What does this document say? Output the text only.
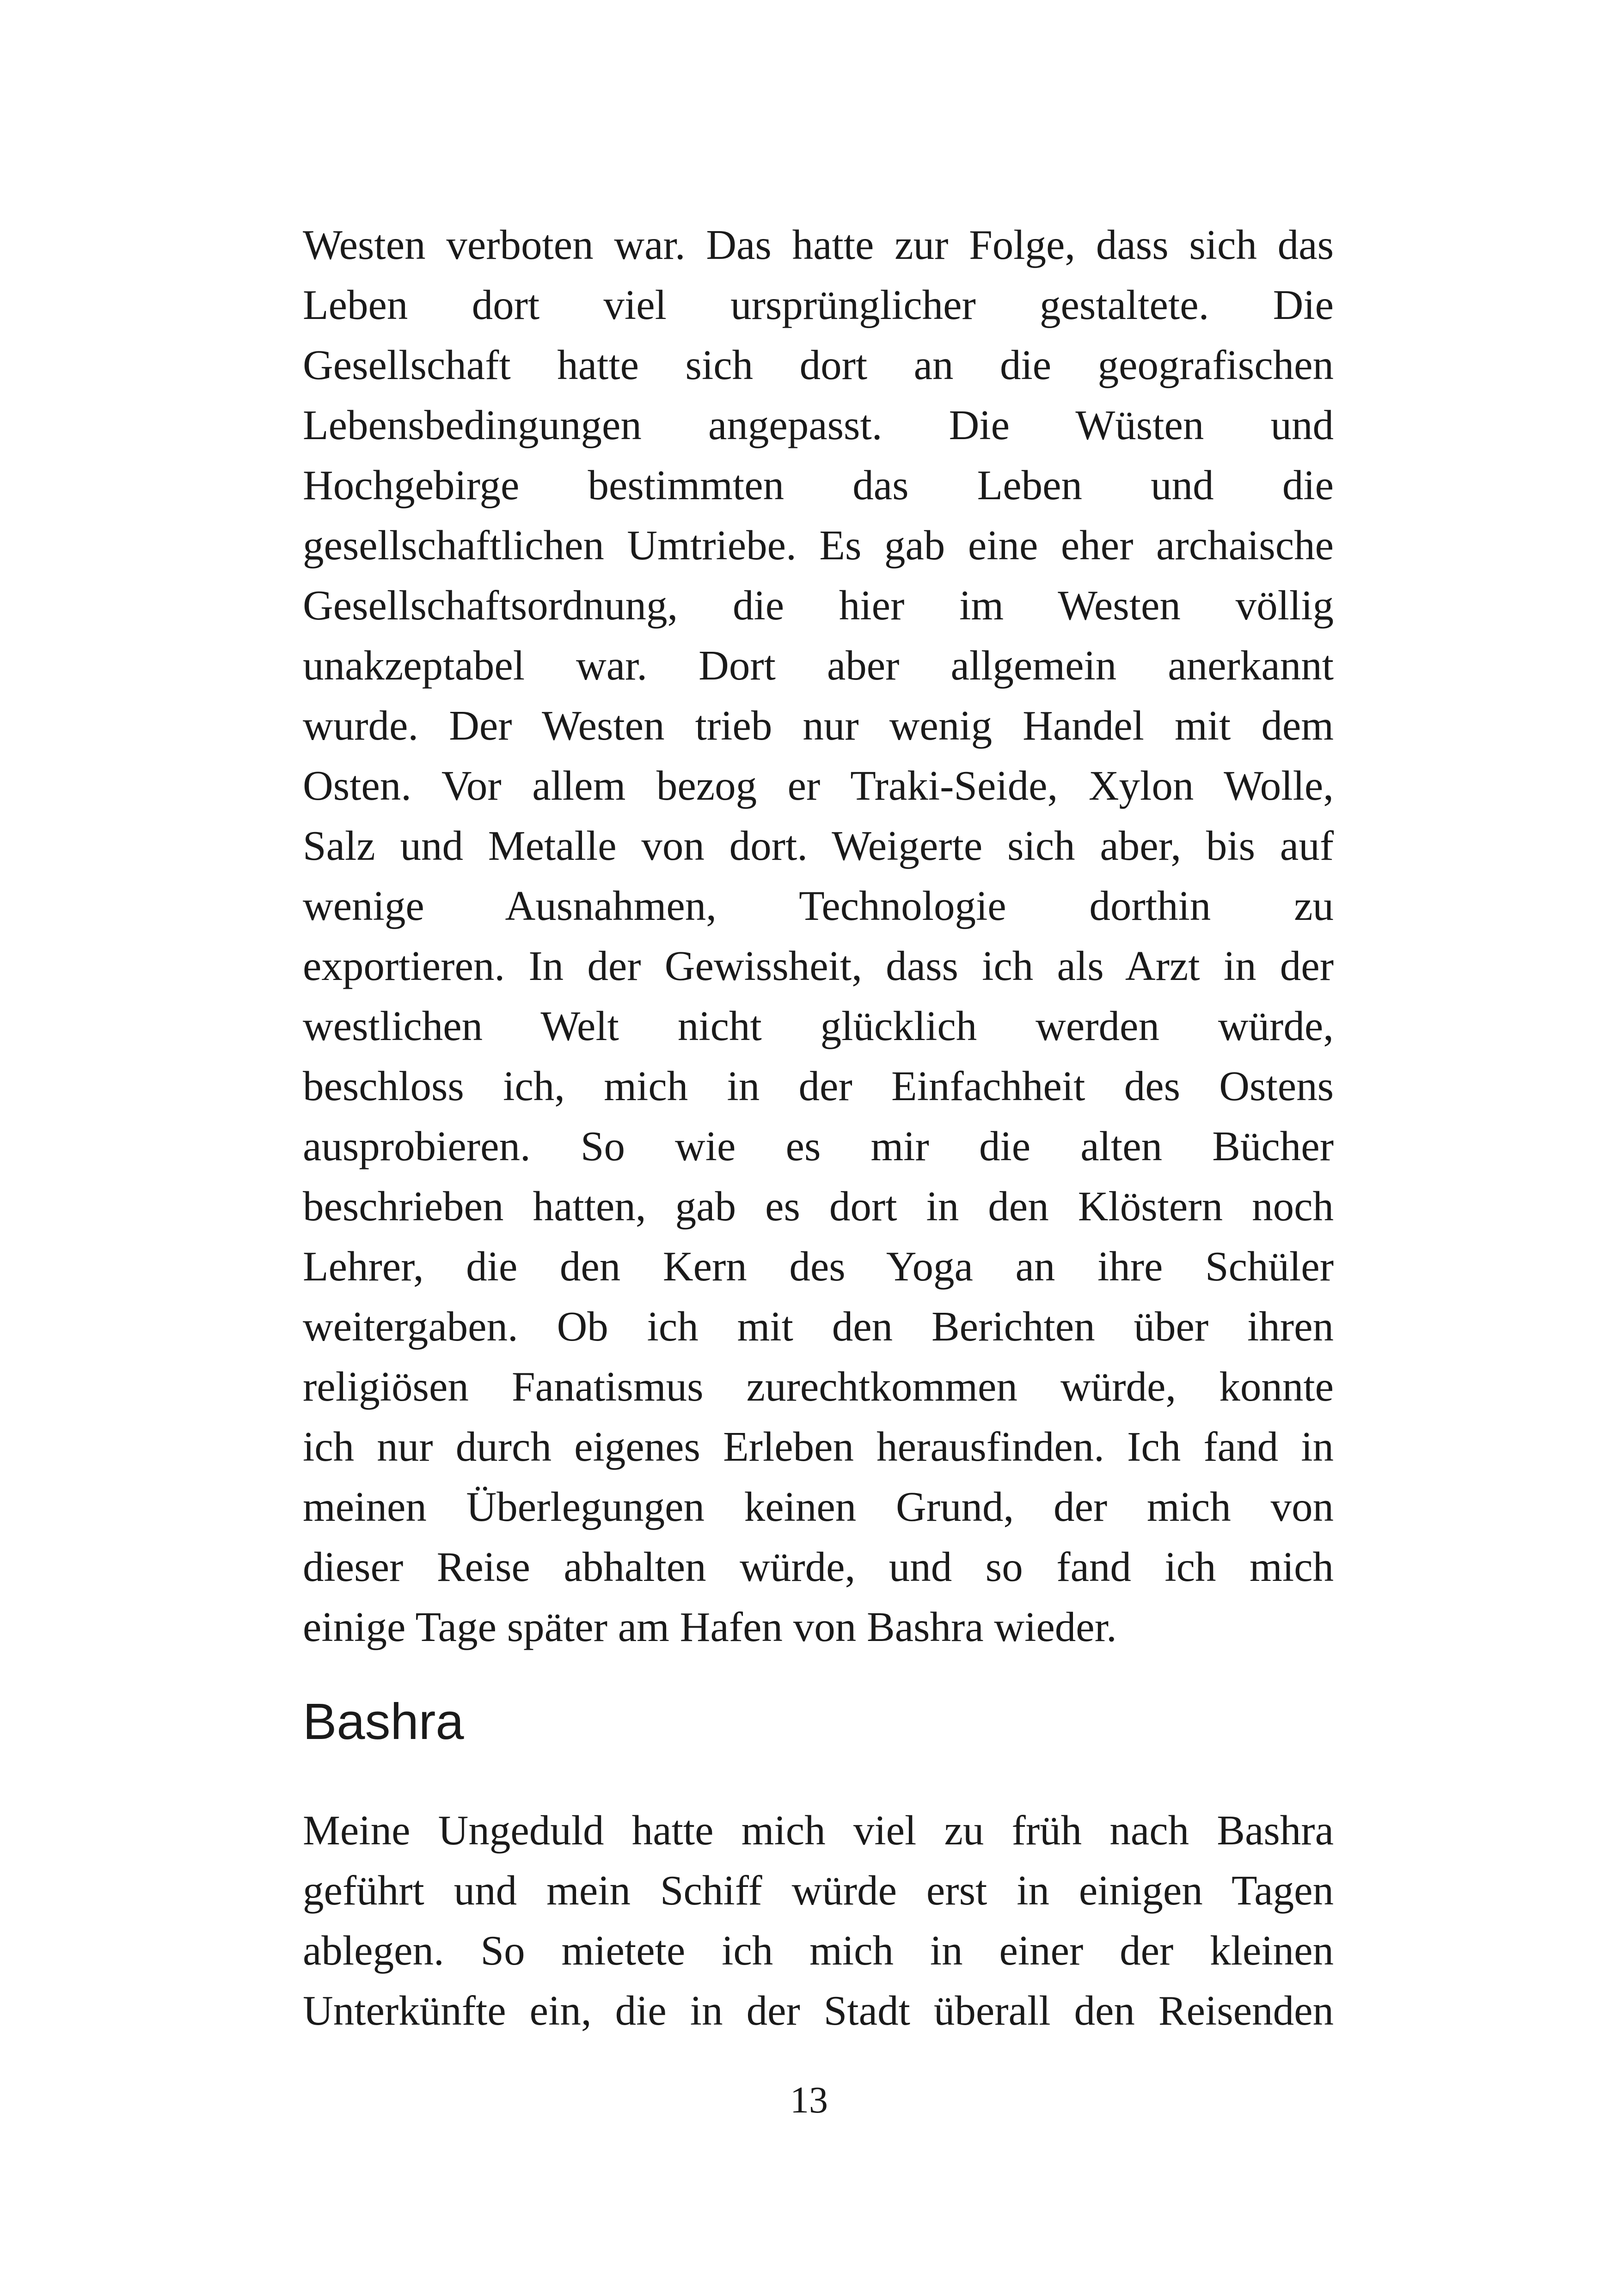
Westen verboten war. Das hatte zur Folge, dass sich das
Leben dort viel ursprünglicher gestaltete. Die
Gesellschaft hatte sich dort an die geografischen
Lebensbedingungen angepasst. Die Wüsten und
Hochgebirge bestimmten das Leben und die
gesellschaftlichen Umtriebe. Es gab eine eher archaische
Gesellschaftsordnung, die hier im Westen völlig
unakzeptabel war. Dort aber allgemein anerkannt
wurde. Der Westen trieb nur wenig Handel mit dem
Osten. Vor allem bezog er Traki-Seide, Xylon Wolle,
Salz und Metalle von dort. Weigerte sich aber, bis auf
wenige Ausnahmen, Technologie dorthin zu
exportieren. In der Gewissheit, dass ich als Arzt in der
westlichen Welt nicht glücklich werden würde,
beschloss ich, mich in der Einfachheit des Ostens
ausprobieren. So wie es mir die alten Bücher
beschrieben hatten, gab es dort in den Klöstern noch
Lehrer, die den Kern des Yoga an ihre Schüler
weitergaben. Ob ich mit den Berichten über ihren
religiösen Fanatismus zurechtkommen würde, konnte
ich nur durch eigenes Erleben herausfinden. Ich fand in
meinen Überlegungen keinen Grund, der mich von
dieser Reise abhalten würde, und so fand ich mich
einige Tage später am Hafen von Bashra wieder.
Bashra
Meine Ungeduld hatte mich viel zu früh nach Bashra
geführt und mein Schiff würde erst in einigen Tagen
ablegen. So mietete ich mich in einer der kleinen
Unterkünfte ein, die in der Stadt überall den Reisenden
13
